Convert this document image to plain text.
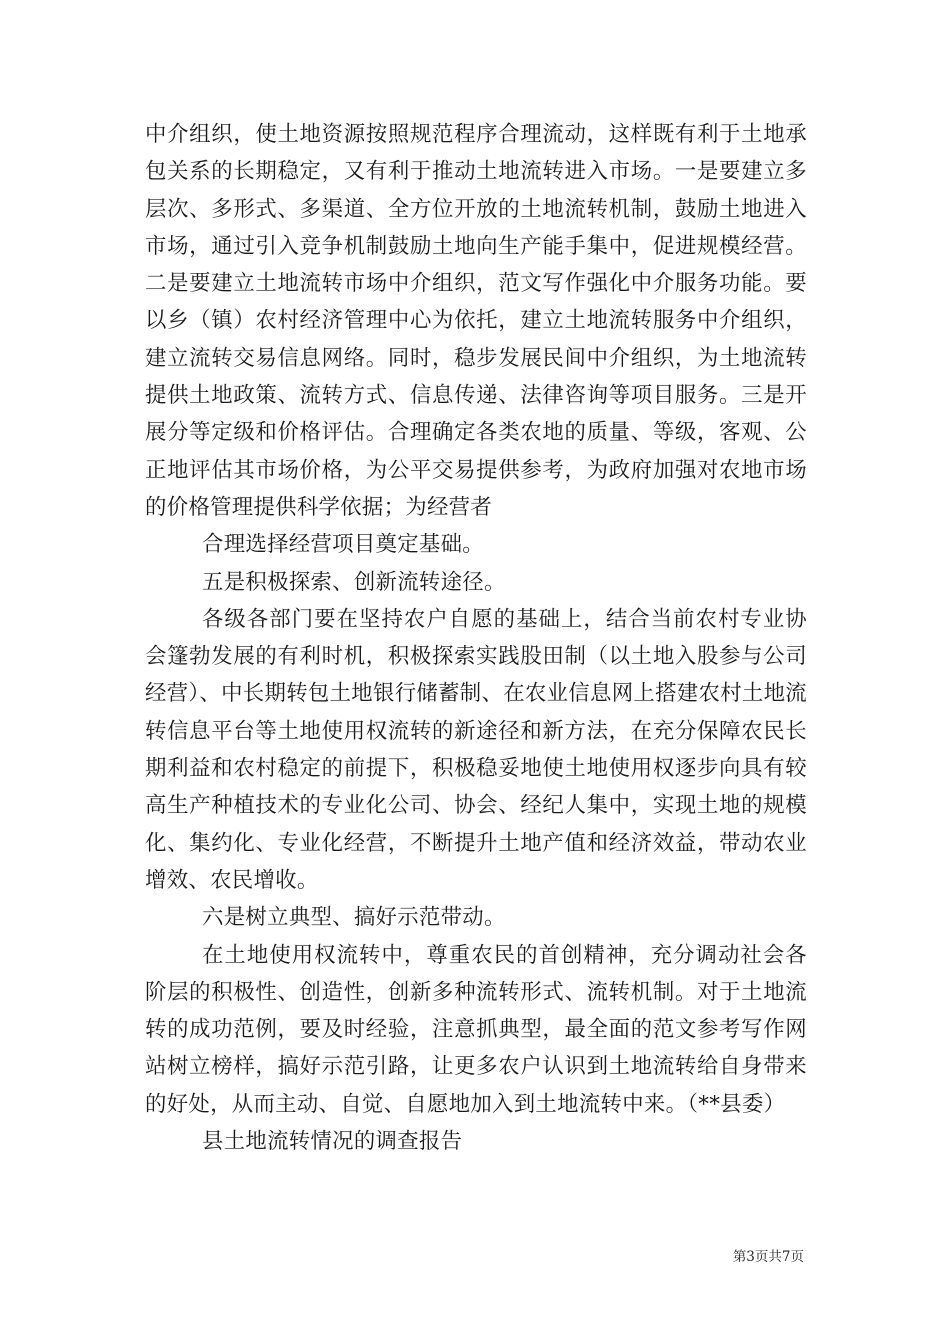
中介组织，使土地资源按照规范程序合理流动，这样既有利于土地承包关系的长期稳定，又有利于推动土地流转进入市场。一是要建立多层次、多形式、多渠道、全方位开放的土地流转机制，鼓励土地进入市场，通过引入竞争机制鼓励土地向生产能手集中，促进规模经营。二是要建立土地流转市场中介组织，范文写作强化中介服务功能。要以乡（镇）农村经济管理中心为依托，建立土地流转服务中介组织，建立流转交易信息网络。同时，稳步发展民间中介组织，为土地流转提供土地政策、流转方式、信息传递、法律咨询等项目服务。三是开展分等定级和价格评估。合理确定各类农地的质量、等级，客观、公正地评估其市场价格，为公平交易提供参考，为政府加强对农地市场的价格管理提供科学依据；为经营者

合理选择经营项目奠定基础。

五是积极探索、创新流转途径。

各级各部门要在坚持农户自愿的基础上，结合当前农村专业协会篷勃发展的有利时机，积极探索实践股田制（以土地入股参与公司经营）、中长期转包土地银行储蓄制、在农业信息网上搭建农村土地流转信息平台等土地使用权流转的新途径和新方法，在充分保障农民长期利益和农村稳定的前提下，积极稳妥地使土地使用权逐步向具有较高生产种植技术的专业化公司、协会、经纪人集中，实现土地的规模化、集约化、专业化经营，不断提升土地产值和经济效益，带动农业增效、农民增收。

六是树立典型、搞好示范带动。

在土地使用权流转中，尊重农民的首创精神，充分调动社会各阶层的积极性、创造性，创新多种流转形式、流转机制。对于土地流转的成功范例，要及时经验，注意抓典型，最全面的范文参考写作网站树立榜样，搞好示范引路，让更多农户认识到土地流转给自身带来的好处，从而主动、自觉、自愿地加入到土地流转中来。（**县委）

县土地流转情况的调查报告

第3页共7页
